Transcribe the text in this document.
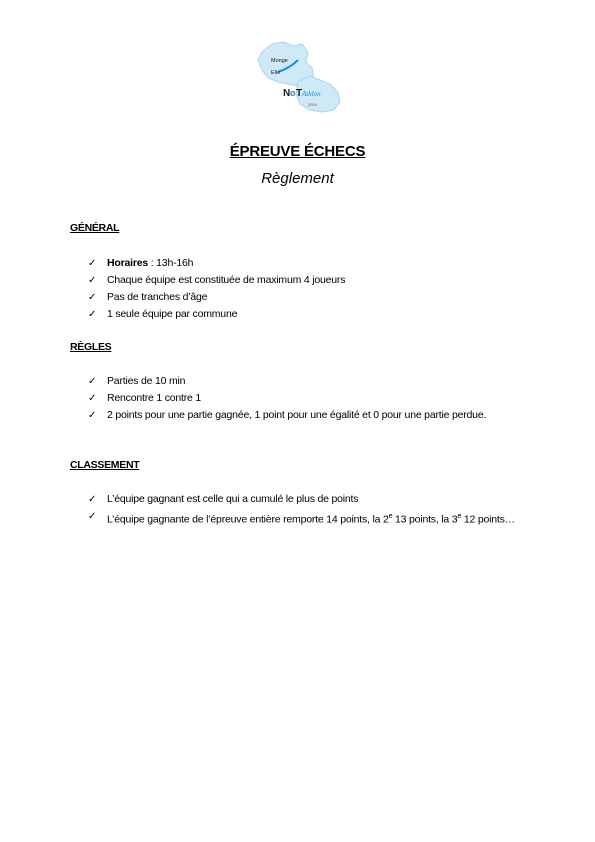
Monge
Elle
N o T Athlon
2024
ÉPREUVE ÉCHECS
Règlement
GÉNÉRAL
✓ Horaires : 13h-16h
✓ Chaque équipe est constituée de maximum 4 joueurs
✓ Pas de tranches d’âge
✓ 1 seule équipe par commune
RÈGLES
✓ Parties de 10 min
✓ Rencontre 1 contre 1
✓ 2 points pour une partie gagnée, 1 point pour une égalité et 0 pour une partie perdue.
CLASSEMENT
✓ L’équipe gagnant est celle qui a cumulé le plus de points
✓ L’équipe gagnante de l’épreuve entière remporte 14 points, la 2e 13 points, la 3e 12 points…
